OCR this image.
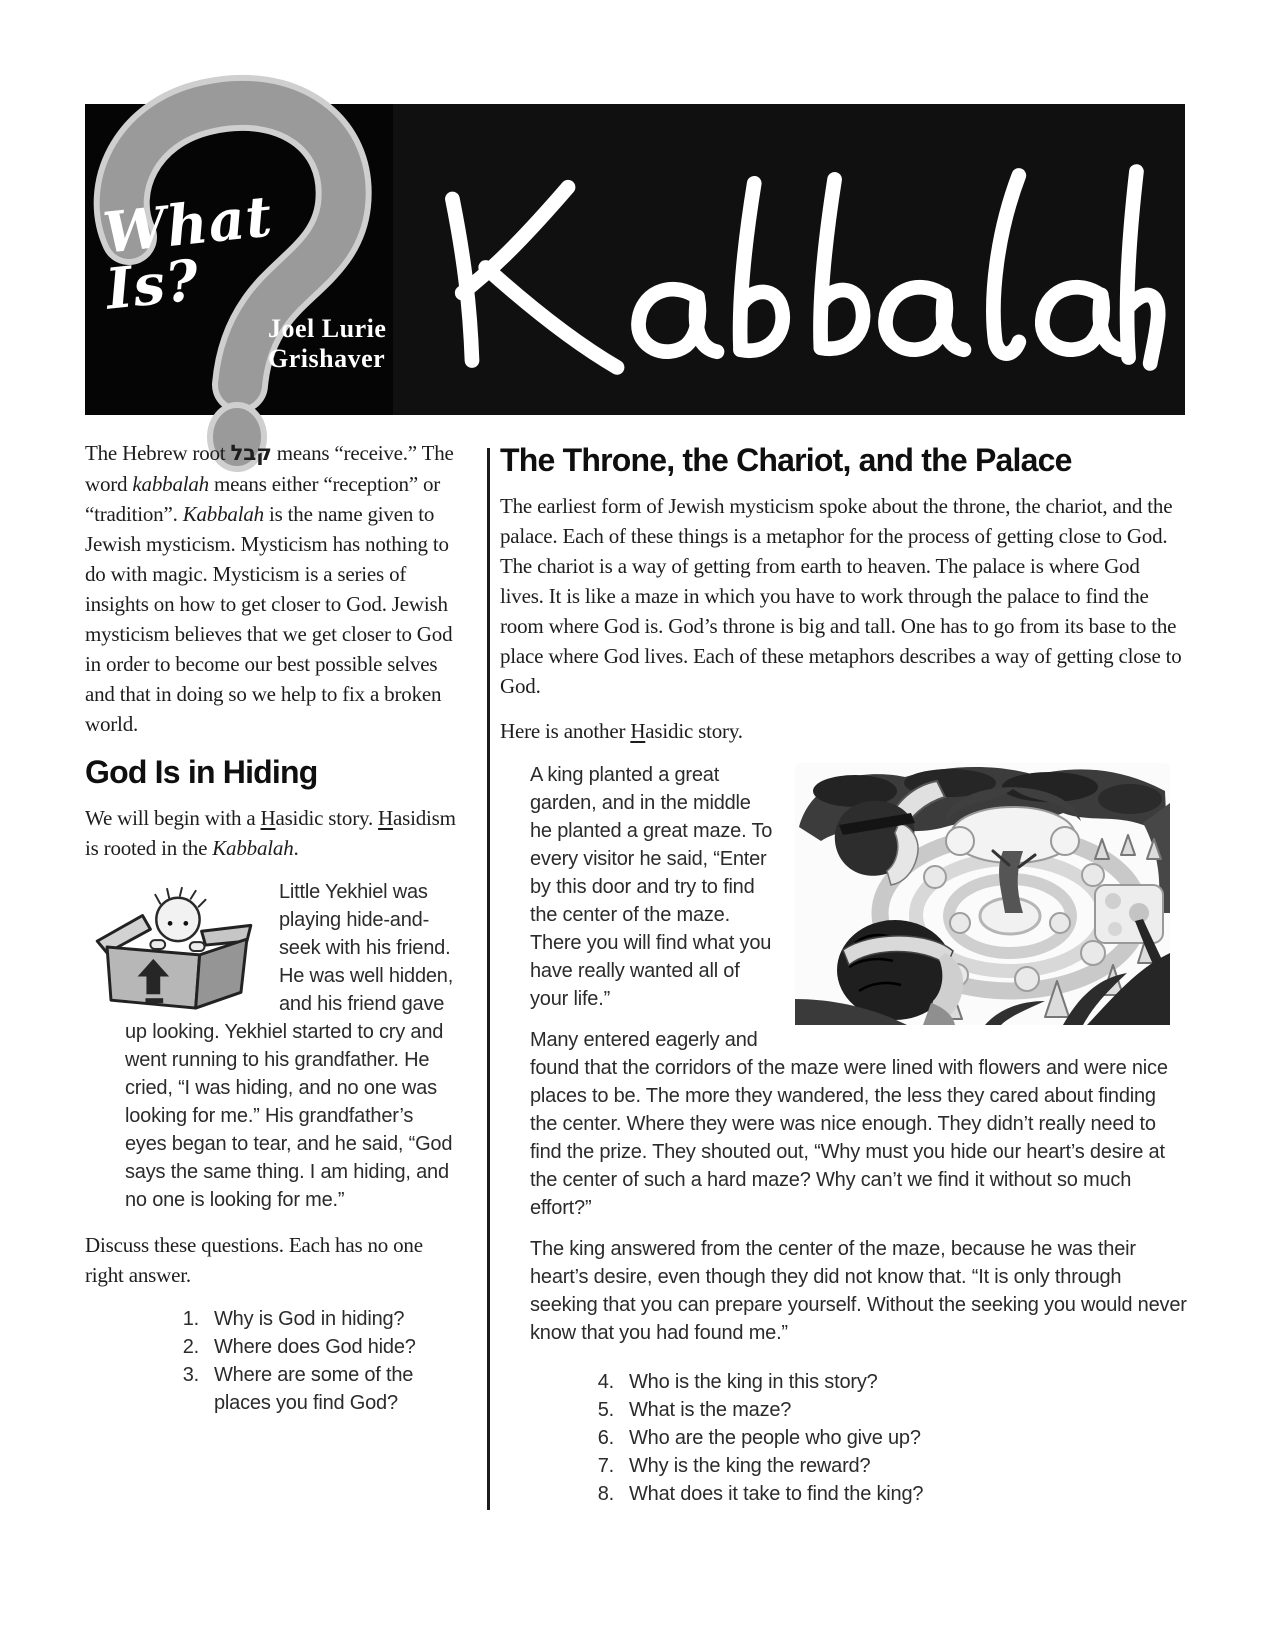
What
Is?
Joel Lurie
Grishaver

The Hebrew root קבל means “receive.” The word kabbalah means either “reception” or “tradition”. Kabbalah is the name given to Jewish mysticism. Mysticism has nothing to do with magic. Mysticism is a series of insights on how to get closer to God. Jewish mysticism believes that we get closer to God in order to become our best possible selves and that in doing so we help to fix a broken world.

God Is in Hiding

We will begin with a Hasidic story. Hasidism is rooted in the Kabbalah.

Little Yekhiel was playing hide-and-seek with his friend. He was well hidden, and his friend gave up looking. Yekhiel started to cry and went running to his grandfather. He cried, “I was hiding, and no one was looking for me.” His grandfather’s eyes began to tear, and he said, “God says the same thing. I am hiding, and no one is looking for me.”

Discuss these questions. Each has no one right answer.

1. Why is God in hiding?
2. Where does God hide?
3. Where are some of the places you find God?
The Throne, the Chariot, and the Palace

The earliest form of Jewish mysticism spoke about the throne, the chariot, and the palace. Each of these things is a metaphor for the process of getting close to God. The chariot is a way of getting from earth to heaven. The palace is where God lives. It is like a maze in which you have to work through the palace to find the room where God is. God’s throne is big and tall. One has to go from its base to the place where God lives. Each of these metaphors describes a way of getting close to God.

Here is another Hasidic story.

A king planted a great garden, and in the middle he planted a great maze. To every visitor he said, “Enter by this door and try to find the center of the maze. There you will find what you have really wanted all of your life.”

Many entered eagerly and found that the corridors of the maze were lined with flowers and were nice places to be. The more they wandered, the less they cared about finding the center. Where they were was nice enough. They didn’t really need to find the prize. They shouted out, “Why must you hide our heart’s desire at the center of such a hard maze? Why can’t we find it without so much effort?”

The king answered from the center of the maze, because he was their heart’s desire, even though they did not know that. “It is only through seeking that you can prepare yourself. Without the seeking you would never know that you had found me.”

4. Who is the king in this story?
5. What is the maze?
6. Who are the people who give up?
7. Why is the king the reward?
8. What does it take to find the king?
